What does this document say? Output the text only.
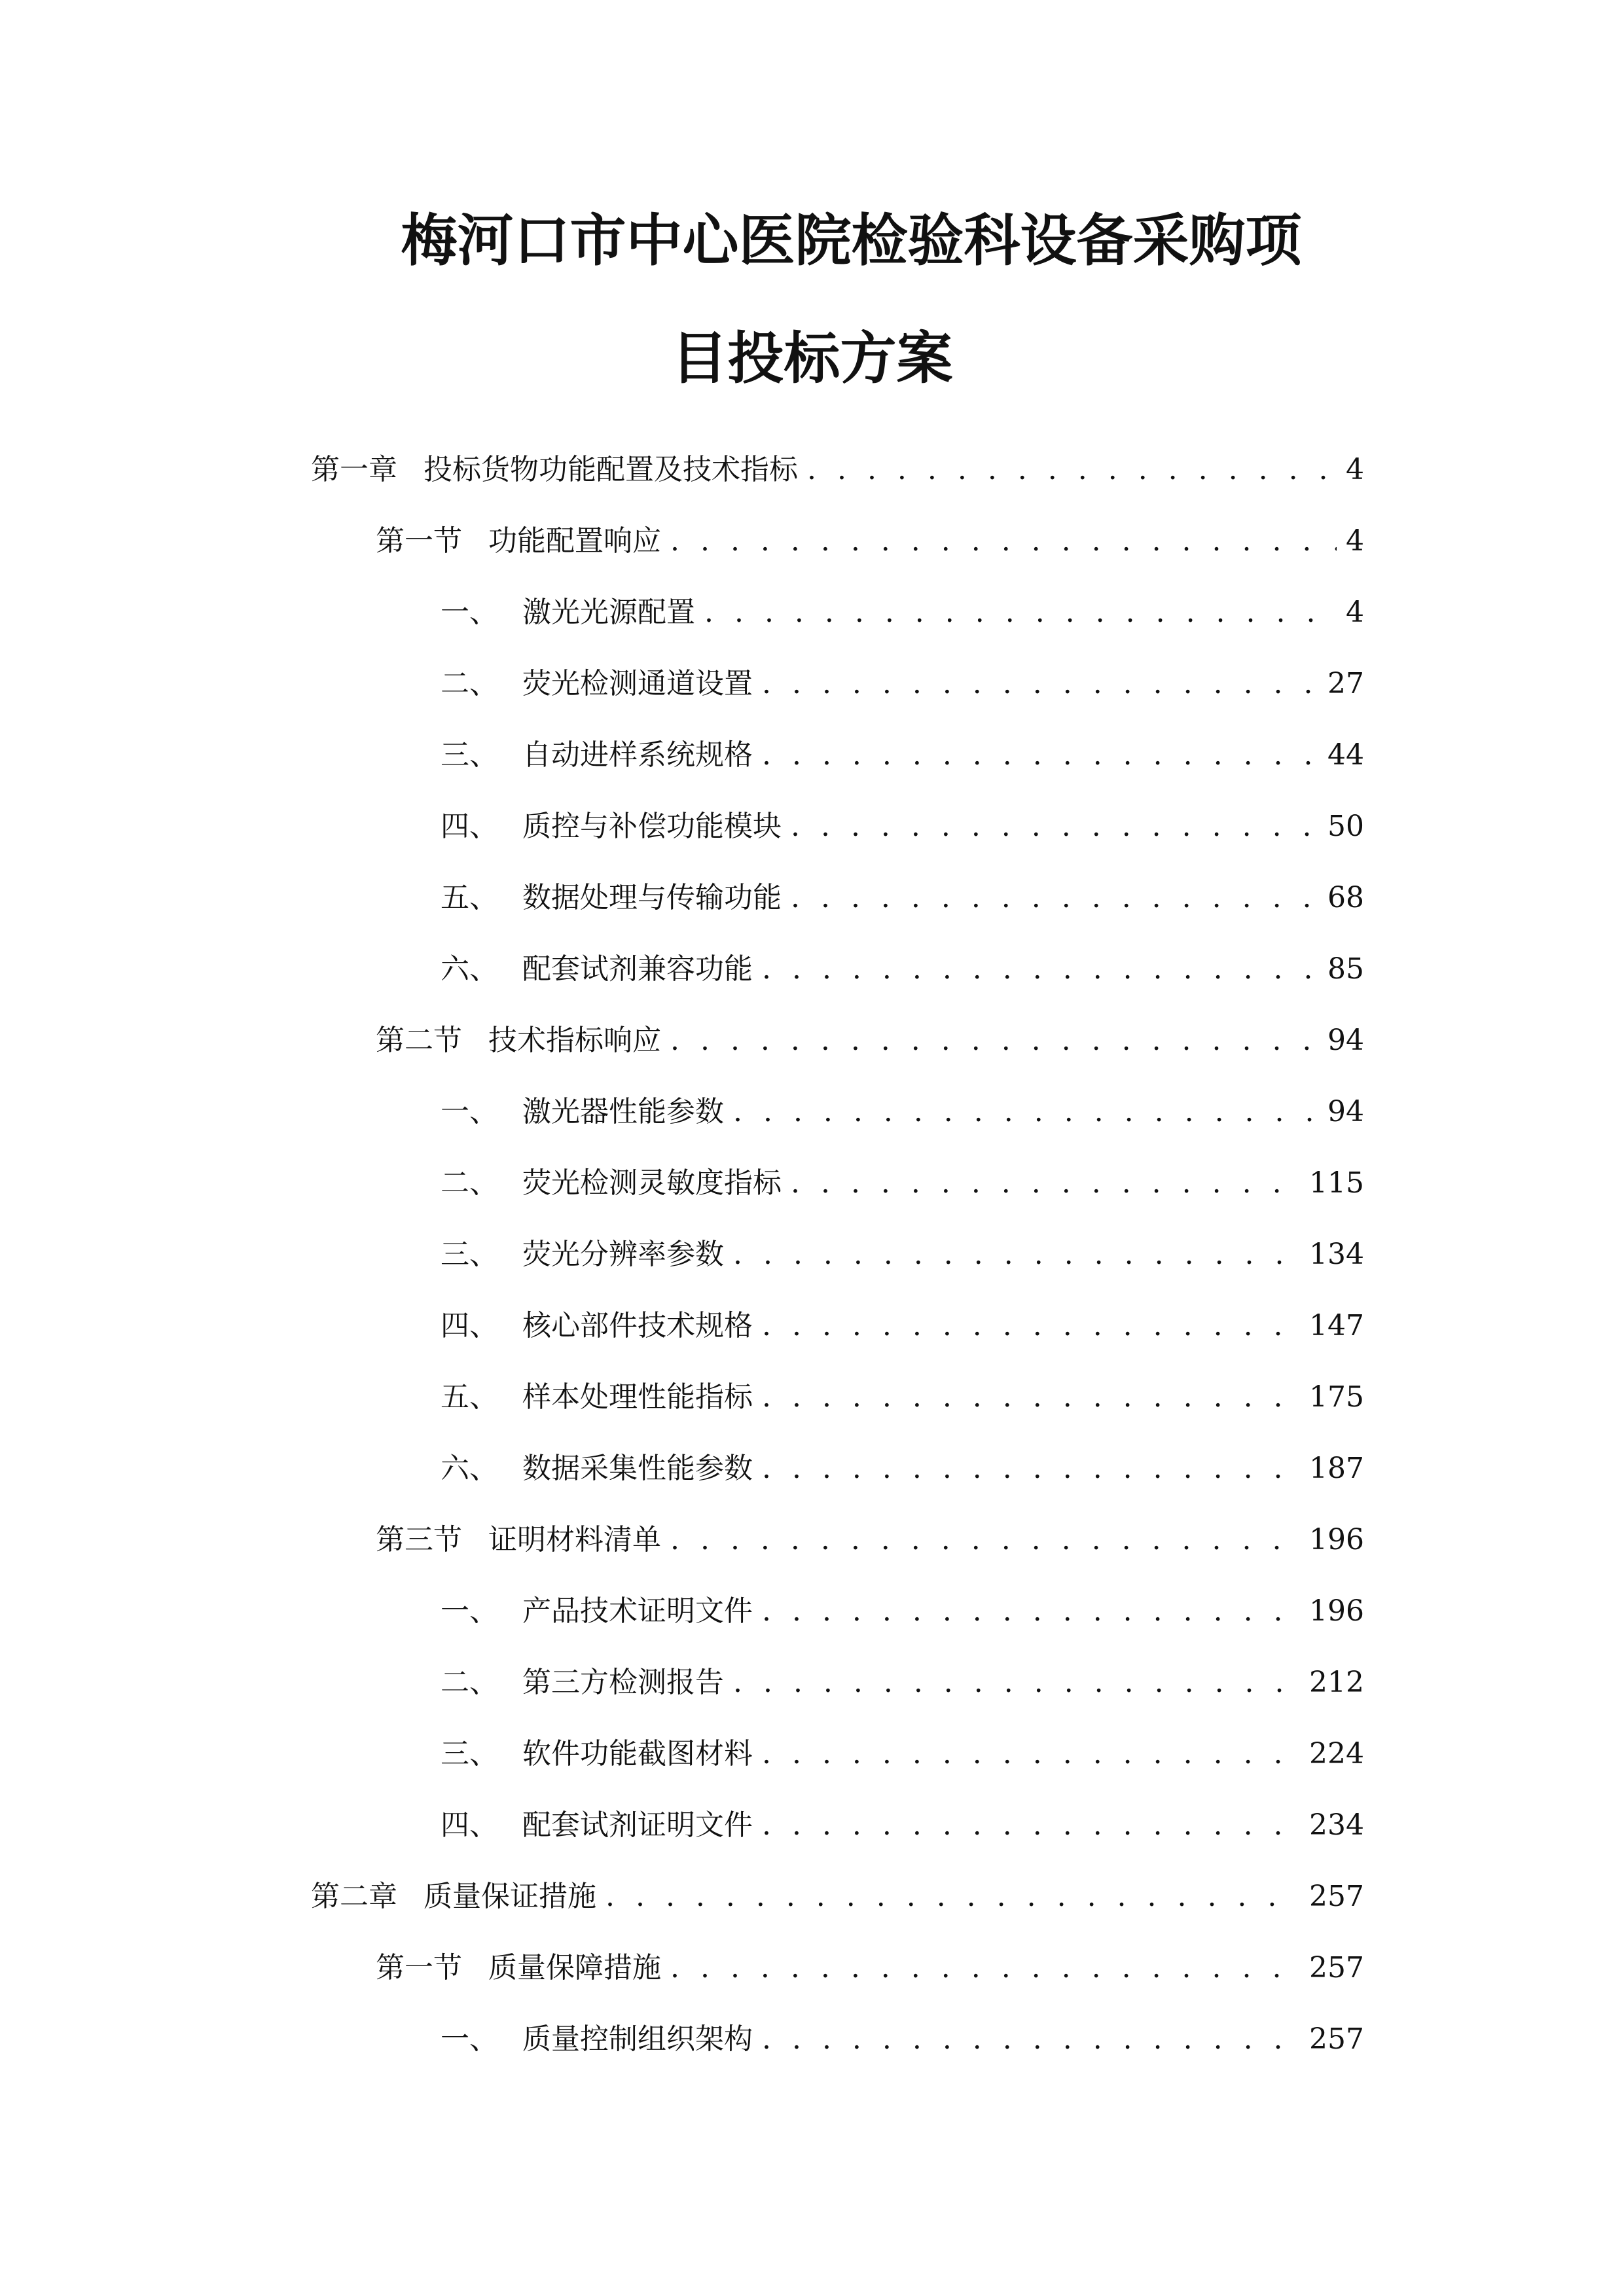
梅河口市中心医院检验科设备采购项
目投标方案
第一章 投标货物功能配置及技术指标 . . .	4
第一节 功能配置响应 . . .	4
一、 激光光源配置 . . .	4
二、 荧光检测通道设置 . . .	27
三、 自动进样系统规格 . . .	44
四、 质控与补偿功能模块 . . .	50
五、 数据处理与传输功能 . . .	68
六、 配套试剂兼容功能 . . .	85
第二节 技术指标响应 . . .	94
一、 激光器性能参数 . . .	94
二、 荧光检测灵敏度指标 . . .	115
三、 荧光分辨率参数 . . .	134
四、 核心部件技术规格 . . .	147
五、 样本处理性能指标 . . .	175
六、 数据采集性能参数 . . .	187
第三节 证明材料清单 . . .	196
一、 产品技术证明文件 . . .	196
二、 第三方检测报告 . . .	212
三、 软件功能截图材料 . . .	224
四、 配套试剂证明文件 . . .	234
第二章 质量保证措施 . . .	257
第一节 质量保障措施 . . .	257
一、 质量控制组织架构 . . .	257
